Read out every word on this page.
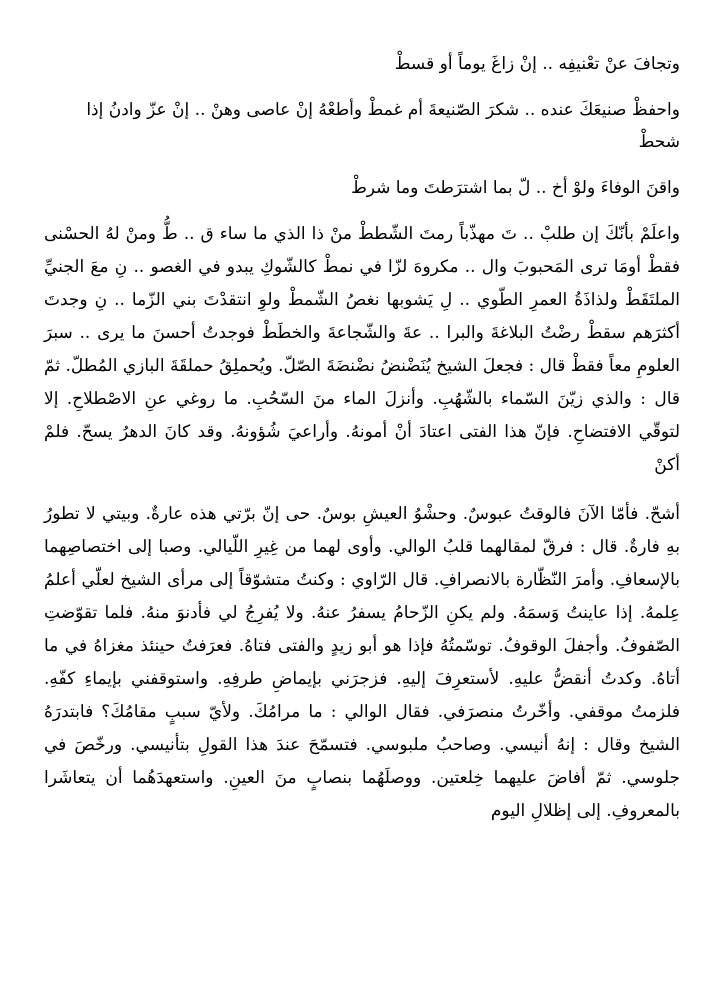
وتجافَ عنْ تعْنيفِه .. إنْ زاغَ يوماً أو قسطْ

واحفظْ صنيعَكَ عنده .. شكرَ الصّنيعةَ أم غمطْ وأطعْهُ إنْ عاصى وهنْ .. إنْ عزّ وادنُ إذا شحطْ

واقنَ الوفاءَ ولوْ أخ .. لّ بما اشترَطتَ وما شرطْ

واعلَمْ بأنّكَ إن طلبْ .. تَ مهذّباً رمتَ الشّططْ منْ ذا الذي ما ساء ق .. طُّ ومنْ لهُ الحسْنى فقطْ أومَا ترى المَحبوبَ وال .. مكروهَ لزّا في نمطْ كالشّوكِ يبدو في الغصو .. نِ معَ الجنيِّ الملتَقَطْ ولذاذَةُ العمرِ الطّوي .. لِ يَشوبها نغصُ الشّمطْ ولوِ انتقدْتَ بني الزّما .. نِ وجدتَ أكثرَهم سقطْ رضْتُ البلاغةَ والبرا .. عةَ والشّجاعةَ والخطَطْ فوجدتُ أحسنَ ما يرى .. سبرَ العلومِ معاً فقطْ قال : فجعلَ الشيخ يُنَضْنضُ نضْنضَةَ الصّلّ. ويُحملِقُ حملقَةَ البازي المُطلّ. ثمّ قال : والذي زيّنَ السّماء بالشّهُبِ. وأنزلَ الماء منَ السّحُبِ. ما روغي عنِ الاصْطلاحِ. إلا لتوقّي الافتضاحِ. فإنّ هذا الفتى اعتادَ أنْ أمونهُ. وأراعيَ شُؤونهُ. وقد كانَ الدهرُ يسحّ. فلمْ أكنْ

أشحّ. فأمّا الآنَ فالوقتُ عبوسٌ. وحشْوُ العيشِ بوسٌ. حى إنّ برّتي هذه عارةٌ. وبيتي لا تطورُ بهِ فارةٌ. قال : فرقّ لمقالهما قلبُ الوالي. وأوى لهما من غِيرِ اللّيالي. وصبا إلى اختصاصِهما بالإسعافِ. وأمرَ النّظّارة بالانصرافِ. قال الرّاوي : وكنتُ متشوّقاً إلى مرأى الشيخ لعلّي أعلمُ عِلمهُ. إذا عاينتُ وَسمَهُ. ولم يكنِ الزّحامُ يسفرُ عنهُ. ولا يُفرِجُ لي فأدنوَ منهُ. فلما تقوّضتِ الصّفوفُ. وأجفلَ الوقوفُ. توسّمتُهُ فإذا هو أبو زيدٍ والفتى فتاهُ. فعرَفتُ حينئذ مغزاهُ في ما أتاهُ. وكدتُ أنقضُّ عليهِ. لأستعرِفَ إليهِ. فزجرَني بإيماضِ طرفِهِ. واستوقفني بإيماءِ كفّهِ. فلزمتُ موقفي. وأخّرتُ منصرَفي. فقال الوالي : ما مرامُكَ. ولأيّ سببٍ مقامُكَ؟ فابتدرَهُ الشيخ وقال : إنهُ أنيسي. وصاحبُ ملبوسي. فتسمّحَ عندَ هذا القولِ بتأنيسي. ورخّصَ في جلوسي. ثمّ أفاضَ عليهما خِلعتين. ووصلَهُما بنصابٍ منَ العينِ. واستعهدَهُما أن يتعاشَرا بالمعروفِ. إلى إظلالِ اليوم
